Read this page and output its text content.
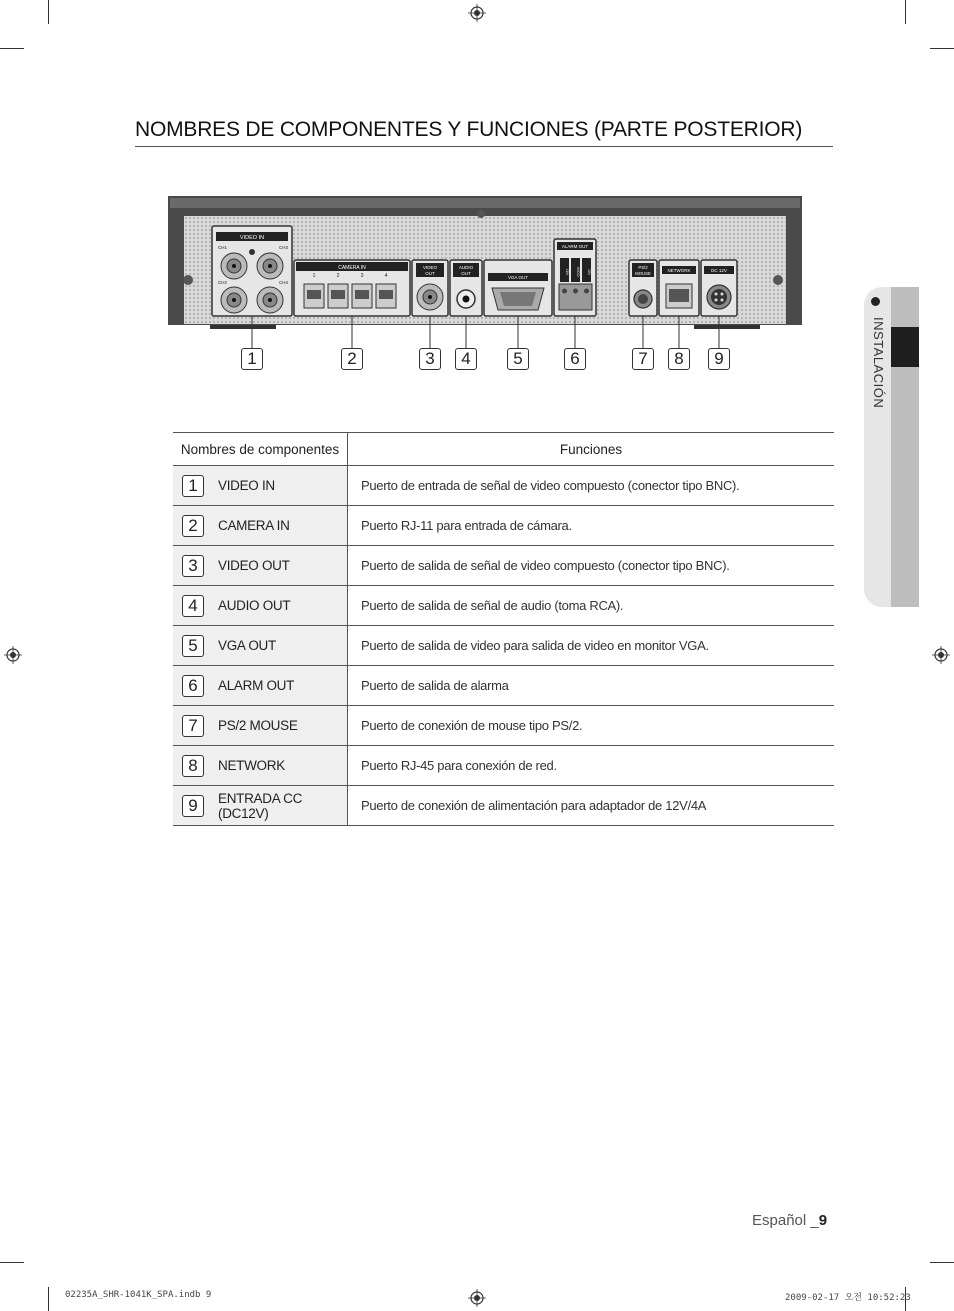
NOMBRES DE COMPONENTES Y FUNCIONES (PARTE POSTERIOR)
INSTALACIÓN
VIDEO IN
CH1	CH3
CH2	CH4
CAMERA IN
1	2	3	4
VIDEO
OUT
AUDIO
OUT
VGA OUT
ALARM OUT
NO COM NC
PS/2
MOUSE
NETWORK	DC 12V
1	2	3	4	5	6	7	8	9
Nombres de componentes		Funciones
1	VIDEO IN	Puerto de entrada de señal de video compuesto (conector tipo BNC).
2	CAMERA IN	Puerto RJ-11 para entrada de cámara.
3	VIDEO OUT	Puerto de salida de señal de video compuesto (conector tipo BNC).
4	AUDIO OUT	Puerto de salida de señal de audio (toma RCA).
5	VGA OUT	Puerto de salida de video para salida de video en monitor VGA.
6	ALARM OUT	Puerto de salida de alarma
7	PS/2 MOUSE	Puerto de conexión de mouse tipo PS/2.
8	NETWORK	Puerto RJ-45 para conexión de red.
9	ENTRADA CC (DC12V)	Puerto de conexión de alimentación para adaptador de 12V/4A
Español _9
02235A_SHR-1041K_SPA.indb 9	2009-02-17 오전 10:52:23
